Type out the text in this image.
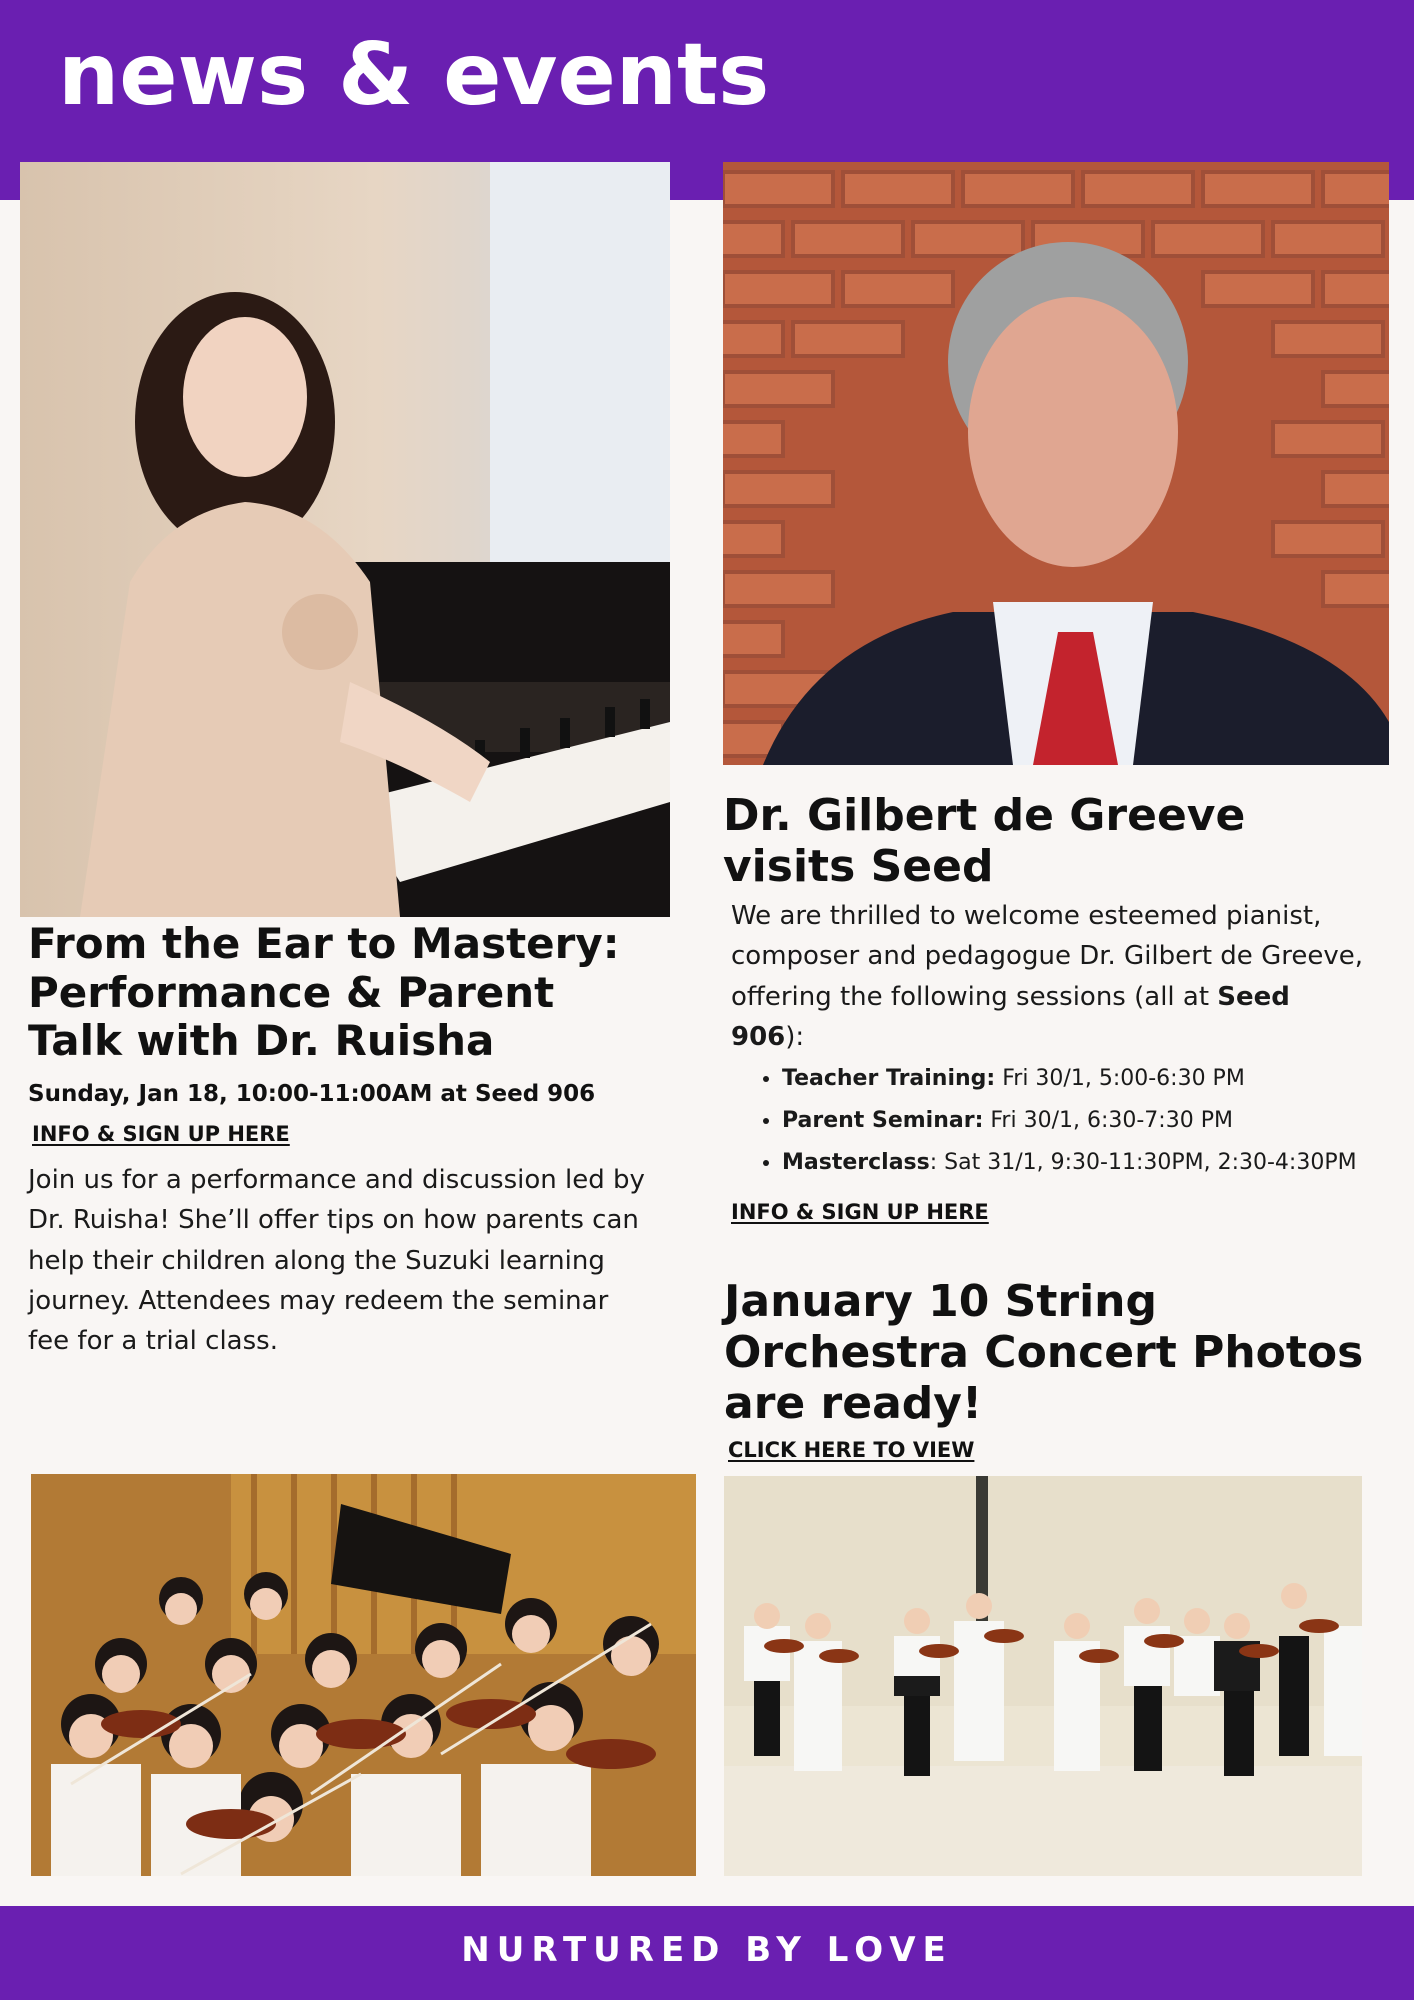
news & events
From the Ear to Mastery: Performance & Parent Talk with Dr. Ruisha
Sunday, Jan 18, 10:00-11:00AM at Seed 906
INFO & SIGN UP HERE

Join us for a performance and discussion led by Dr. Ruisha! She’ll offer tips on how parents can help their children along the Suzuki learning journey. Attendees may redeem the seminar fee for a trial class.

Dr. Gilbert de Greeve visits Seed

We are thrilled to welcome esteemed pianist, composer and pedagogue Dr. Gilbert de Greeve, offering the following sessions (all at Seed 906):

• Teacher Training: Fri 30/1, 5:00-6:30 PM
• Parent Seminar: Fri 30/1, 6:30-7:30 PM
• Masterclass: Sat 31/1, 9:30-11:30PM, 2:30-4:30PM
INFO & SIGN UP HERE
January 10 String Orchestra Concert Photos are ready!
CLICK HERE TO VIEW
NURTURED BY LOVE
